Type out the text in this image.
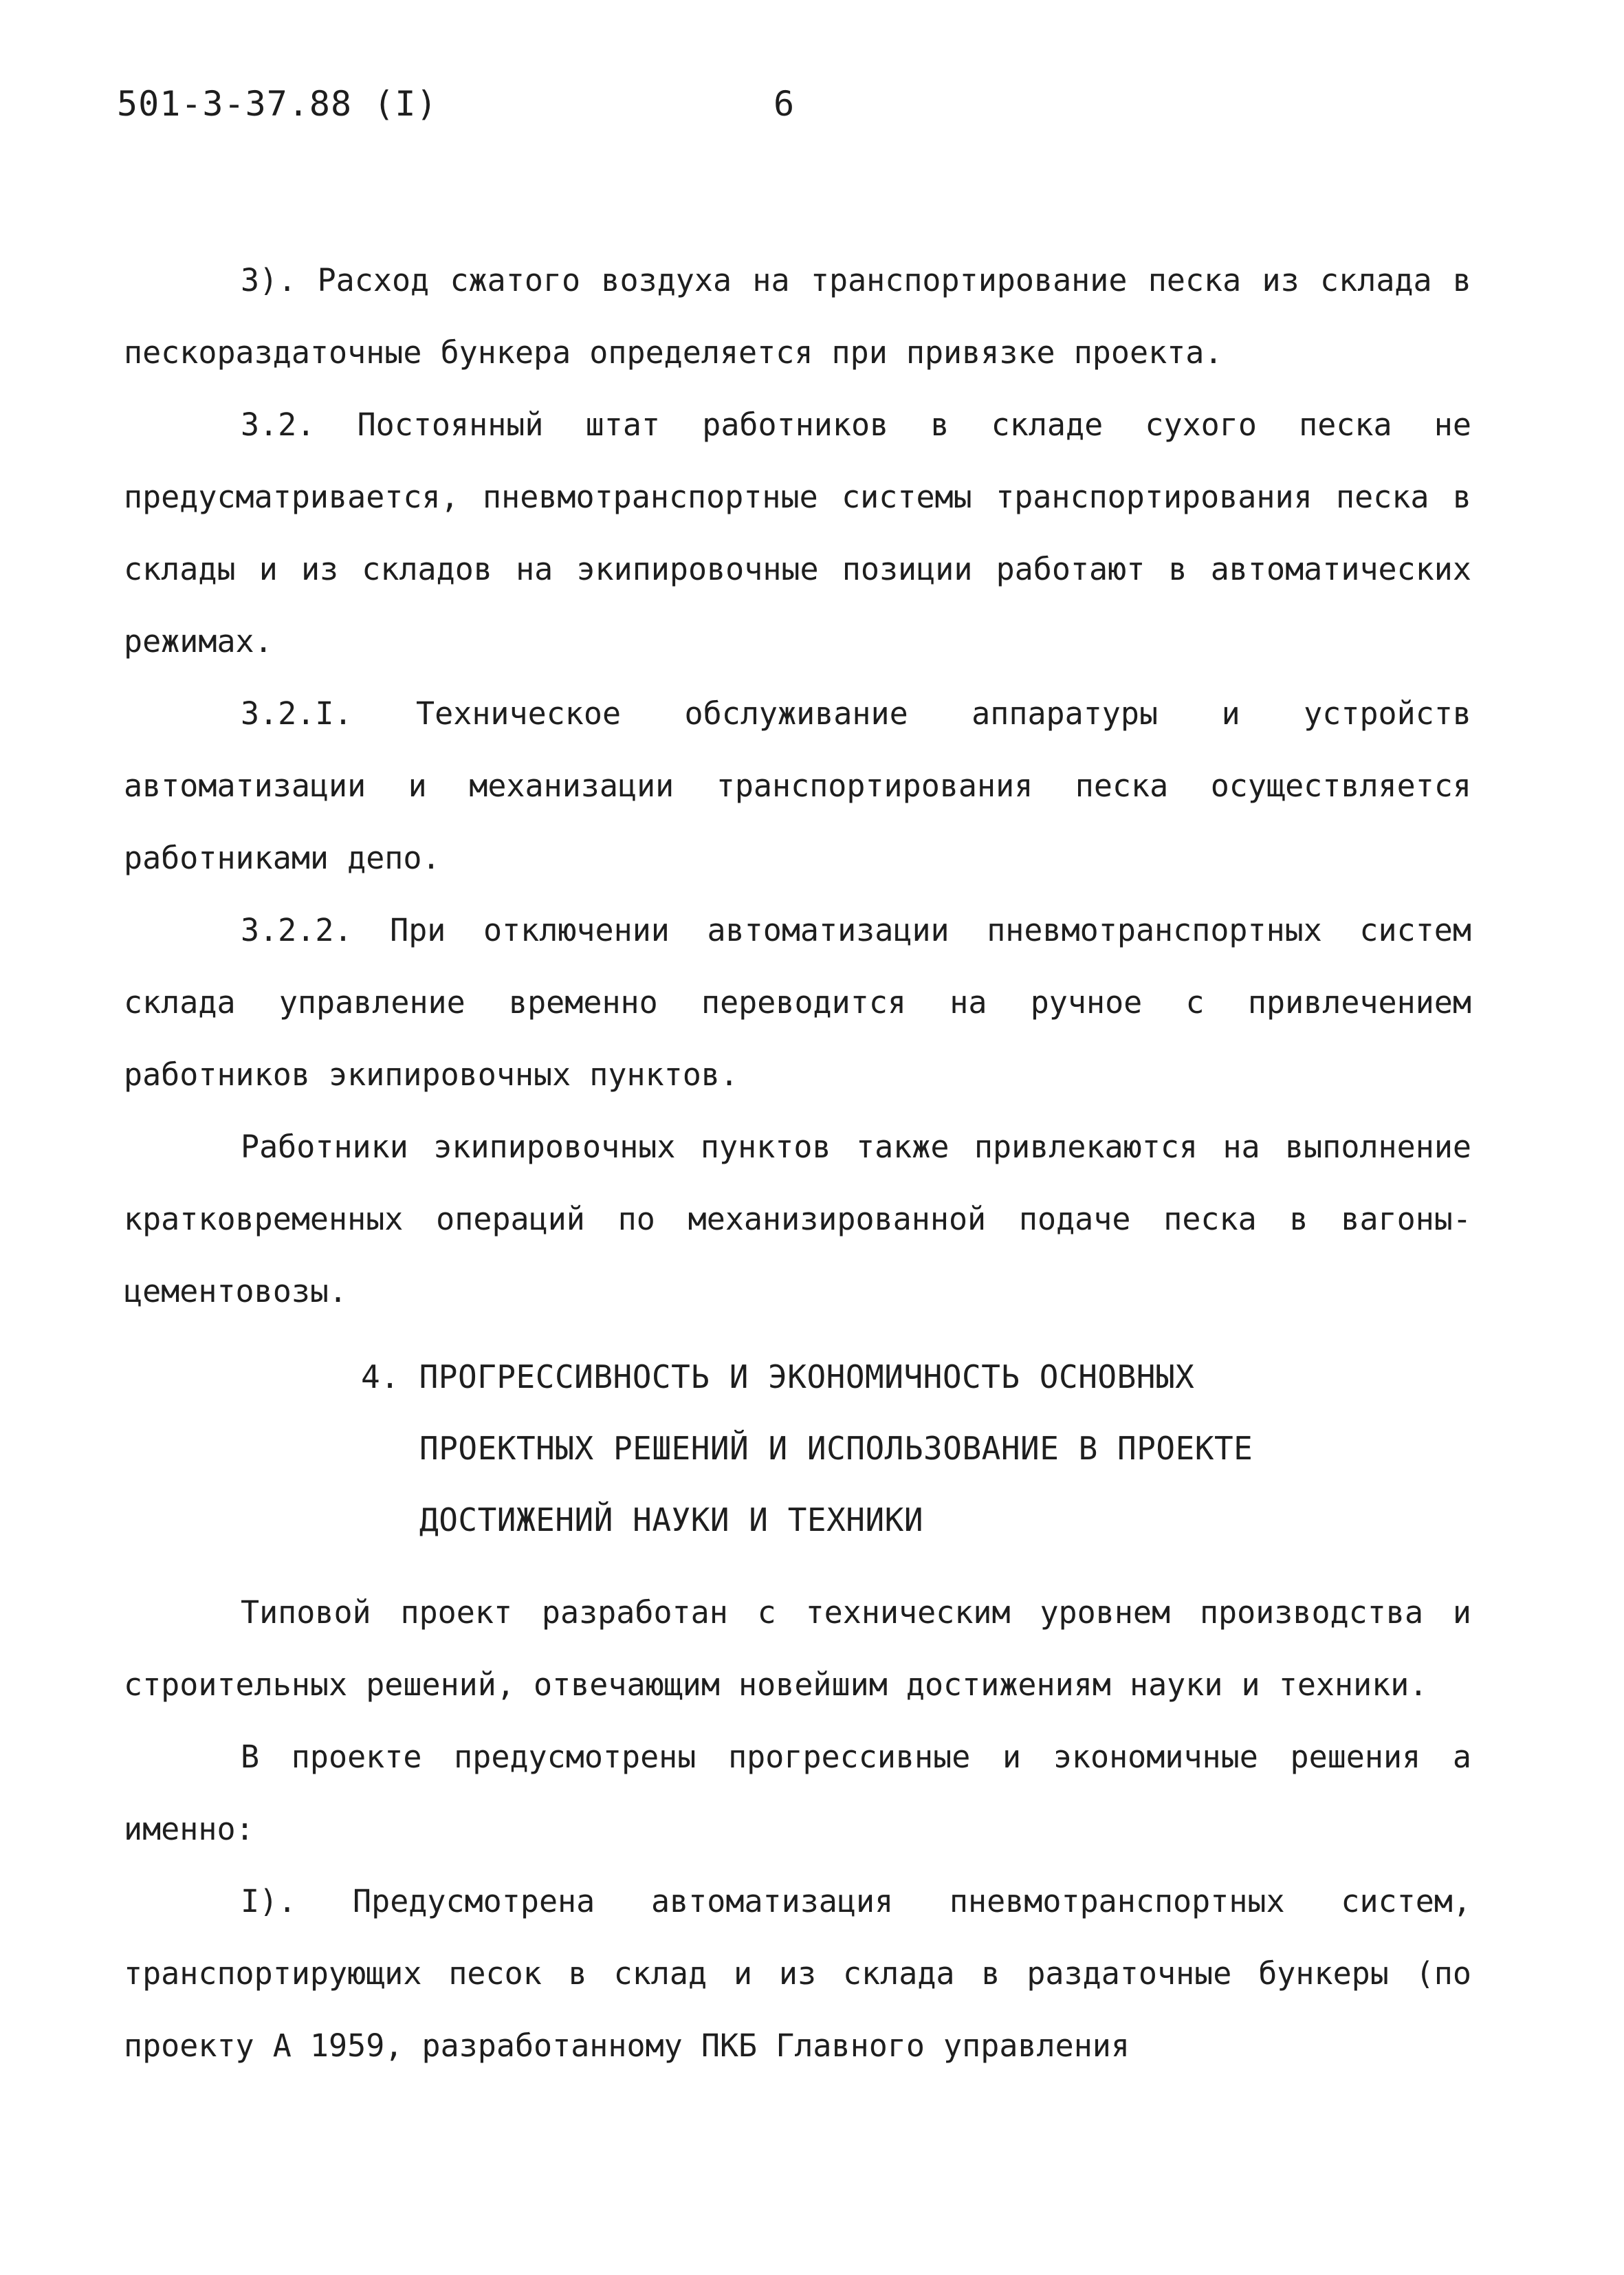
501-3-37.88 (I)	6

3). Расход сжатого воздуха на транспортирование песка из склада в пескораздаточные бункера определяется при привязке проекта.

3.2. Постоянный штат работников в складе сухого песка не предусматривается, пневмотранспортные системы транспортирования песка в склады и из складов на экипировочные позиции работают в автоматических режимах.

3.2.I. Техническое обслуживание аппаратуры и устройств автоматизации и механизации транспортирования песка осуществляется работниками депо.

3.2.2. При отключении автоматизации пневмотранспортных систем склада управление временно переводится на ручное с привлечением работников экипировочных пунктов.

Работники экипировочных пунктов также привлекаются на выполнение кратковременных операций по механизированной подаче песка в вагоны-цементовозы.

4. ПРОГРЕССИВНОСТЬ И ЭКОНОМИЧНОСТЬ ОСНОВНЫХ
ПРОЕКТНЫХ РЕШЕНИЙ И ИСПОЛЬЗОВАНИЕ В ПРОЕКТЕ
ДОСТИЖЕНИЙ НАУКИ И ТЕХНИКИ

Типовой проект разработан с техническим уровнем производства и строительных решений, отвечающим новейшим достижениям науки и техники.

В проекте предусмотрены прогрессивные и экономичные решения а именно:

I). Предусмотрена автоматизация пневмотранспортных систем, транспортирующих песок в склад и из склада в раздаточные бункеры (по проекту А 1959, разработанному ПКБ Главного управления
